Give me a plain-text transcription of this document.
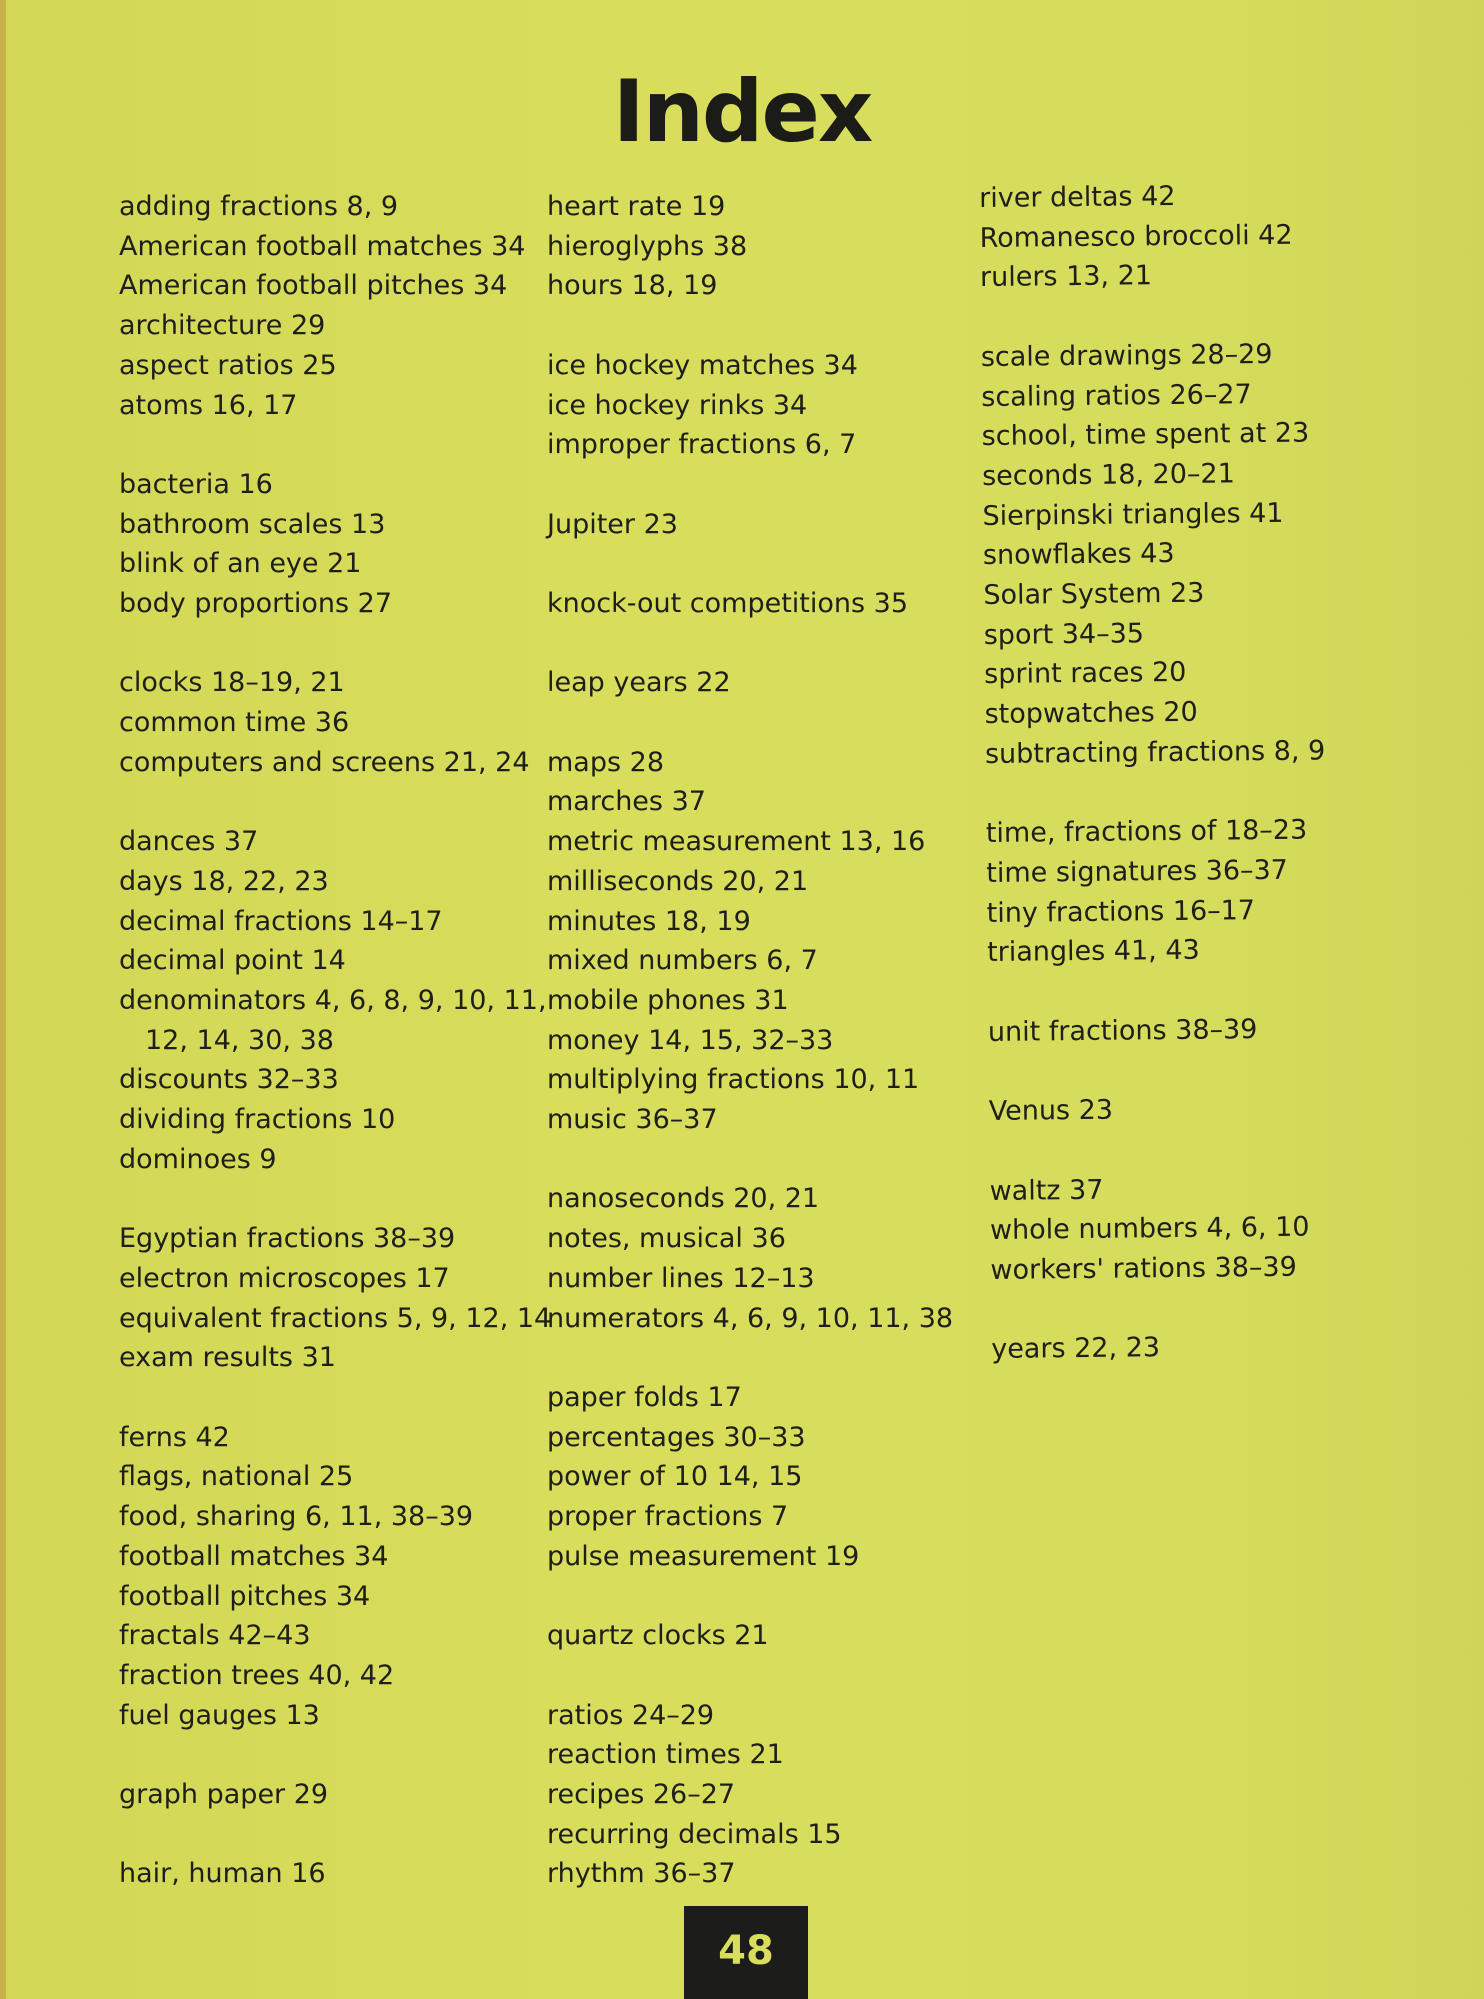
Index
adding fractions 8, 9
American football matches 34
American football pitches 34
architecture 29
aspect ratios 25
atoms 16, 17
bacteria 16
bathroom scales 13
blink of an eye 21
body proportions 27
clocks 18–19, 21
common time 36
computers and screens 21, 24
dances 37
days 18, 22, 23
decimal fractions 14–17
decimal point 14
denominators 4, 6, 8, 9, 10, 11,
12, 14, 30, 38
discounts 32–33
dividing fractions 10
dominoes 9
Egyptian fractions 38–39
electron microscopes 17
equivalent fractions 5, 9, 12, 14
exam results 31
ferns 42
flags, national 25
food, sharing 6, 11, 38–39
football matches 34
football pitches 34
fractals 42–43
fraction trees 40, 42
fuel gauges 13
graph paper 29
hair, human 16
heart rate 19
hieroglyphs 38
hours 18, 19
ice hockey matches 34
ice hockey rinks 34
improper fractions 6, 7
Jupiter 23
knock-out competitions 35
leap years 22
maps 28
marches 37
metric measurement 13, 16
milliseconds 20, 21
minutes 18, 19
mixed numbers 6, 7
mobile phones 31
money 14, 15, 32–33
multiplying fractions 10, 11
music 36–37
nanoseconds 20, 21
notes, musical 36
number lines 12–13
numerators 4, 6, 9, 10, 11, 38
paper folds 17
percentages 30–33
power of 10 14, 15
proper fractions 7
pulse measurement 19
quartz clocks 21
ratios 24–29
reaction times 21
recipes 26–27
recurring decimals 15
rhythm 36–37
river deltas 42
Romanesco broccoli 42
rulers 13, 21
scale drawings 28–29
scaling ratios 26–27
school, time spent at 23
seconds 18, 20–21
Sierpinski triangles 41
snowflakes 43
Solar System 23
sport 34–35
sprint races 20
stopwatches 20
subtracting fractions 8, 9
time, fractions of 18–23
time signatures 36–37
tiny fractions 16–17
triangles 41, 43
unit fractions 38–39
Venus 23
waltz 37
whole numbers 4, 6, 10
workers' rations 38–39
years 22, 23
48
